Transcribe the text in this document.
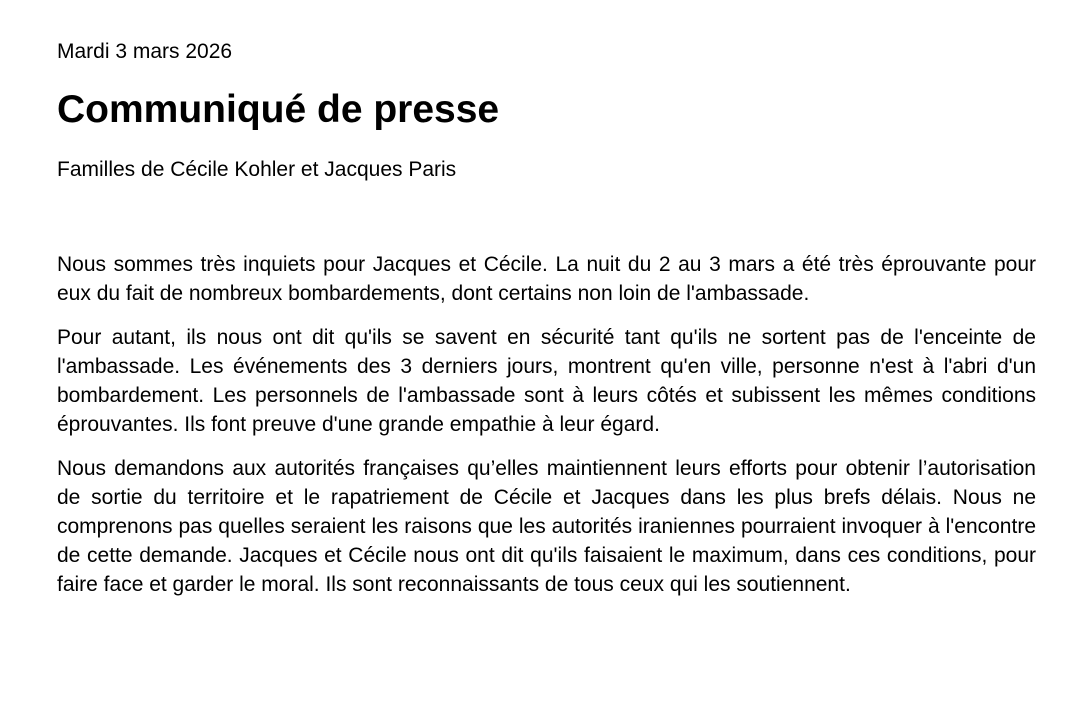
Mardi 3 mars 2026
Communiqué de presse
Familles de Cécile Kohler et Jacques Paris

Nous sommes très inquiets pour Jacques et Cécile. La nuit du 2 au 3 mars a été très éprouvante pour eux du fait de nombreux bombardements, dont certains non loin de l'ambassade.

Pour autant, ils nous ont dit qu'ils se savent en sécurité tant qu'ils ne sortent pas de l'enceinte de l'ambassade. Les événements des 3 derniers jours, montrent qu'en ville, personne n'est à l'abri d'un bombardement. Les personnels de l'ambassade sont à leurs côtés et subissent les mêmes conditions éprouvantes. Ils font preuve d'une grande empathie à leur égard.

Nous demandons aux autorités françaises qu’elles maintiennent leurs efforts pour obtenir l’autorisation de sortie du territoire et le rapatriement de Cécile et Jacques dans les plus brefs délais. Nous ne comprenons pas quelles seraient les raisons que les autorités iraniennes pourraient invoquer à l'encontre de cette demande. Jacques et Cécile nous ont dit qu'ils faisaient le maximum, dans ces conditions, pour faire face et garder le moral. Ils sont reconnaissants de tous ceux qui les soutiennent.
